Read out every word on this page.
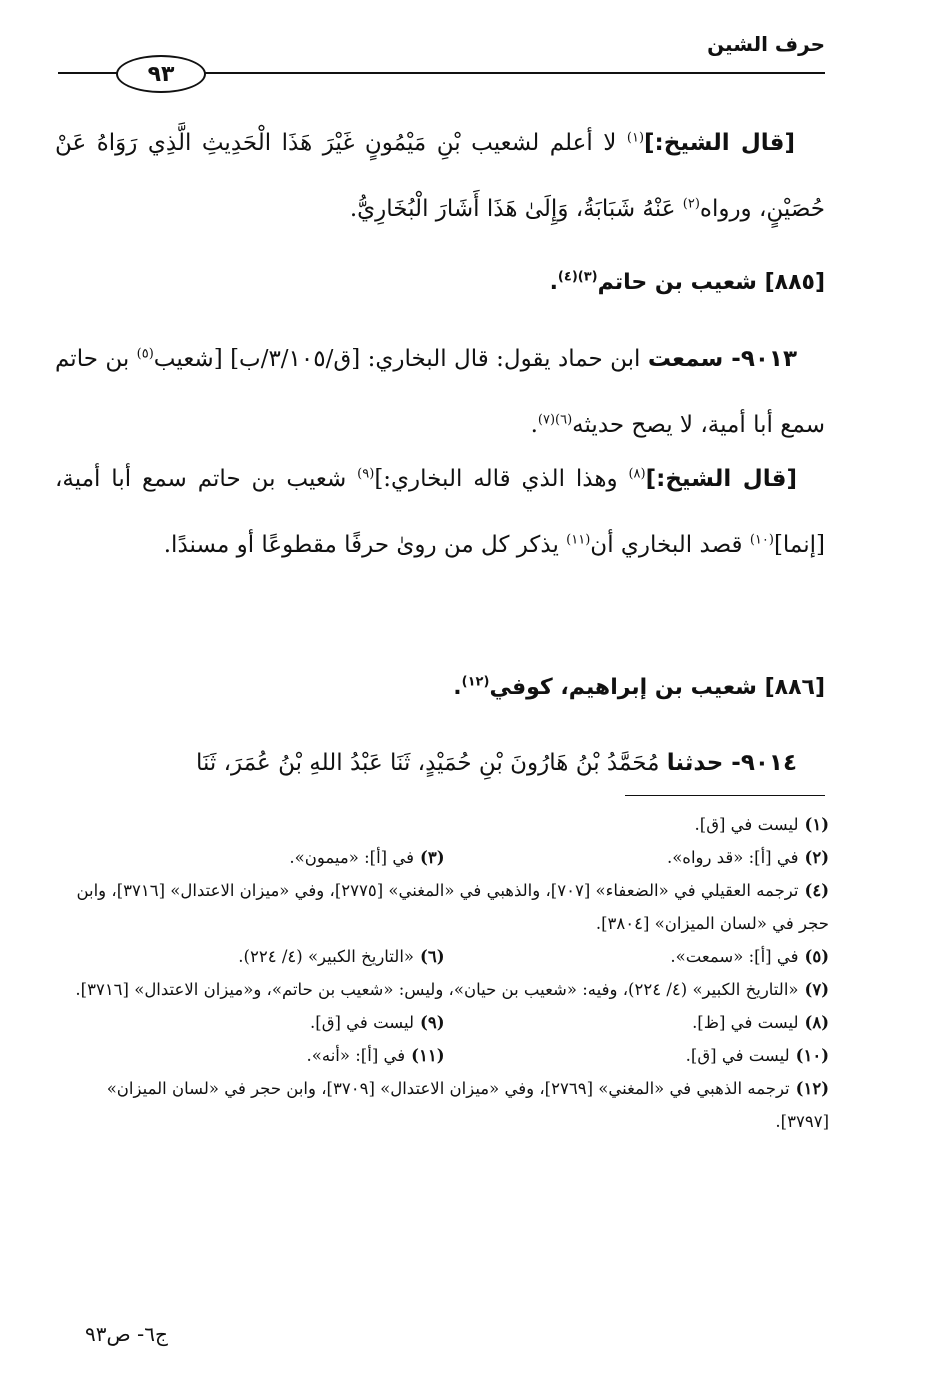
حرف الشين
٩٣
[قال الشيخ:]$^{(١)}$ لا أعلم لشعيب بْنِ مَيْمُونٍ غَيْرَ هَذَا الْحَدِيثِ الَّذِي رَوَاهُ عَنْ حُصَيْنٍ، ورواه$^{(٢)}$ عَنْهُ شَبَابَةُ، وَإِلَىٰ هَذَا أَشَارَ الْبُخَارِيُّ.
[٨٨٥] شعيب بن حاتم$^{(٣)(٤)}$.
٩٠١٣- سمعت ابن حماد يقول: قال البخاري: [ق/٣/١٠٥/ب] [شعيب$^{(٥)}$ بن حاتم سمع أبا أمية، لا يصح حديثه$^{(٦)(٧)}$.
[قال الشيخ:]$^{(٨)}$ وهذا الذي قاله البخاري:]$^{(٩)}$ شعيب بن حاتم سمع أبا أمية، [إنما]$^{(١٠)}$ قصد البخاري أن$^{(١١)}$ يذكر كل من روىٰ حرفًا مقطوعًا أو مسندًا.
[٨٨٦] شعيب بن إبراهيم، كوفي$^{(١٢)}$.
٩٠١٤- حدثنا مُحَمَّدُ بْنُ هَارُونَ بْنِ حُمَيْدٍ، ثَنَا عَبْدُ اللهِ بْنُ عُمَرَ، ثَنَا
(١)ليست في [ق].
(٢)في [أ]: «قد رواه».
(٣)في [أ]: «ميمون».
(٤)ترجمه العقيلي في «الضعفاء» [٧٠٧]، والذهبي في «المغني» [٢٧٧٥]، وفي «ميزان الاعتدال» [٣٧١٦]، وابن حجر في «لسان الميزان» [٣٨٠٤].
(٥)في [أ]: «سمعت».
(٦)«التاريخ الكبير» (٤/ ٢٢٤).
(٧)«التاريخ الكبير» (٤/ ٢٢٤)، وفيه: «شعيب بن حيان»، وليس: «شعيب بن حاتم»، و«ميزان الاعتدال» [٣٧١٦].
(٨)ليست في [ظ].
(٩)ليست في [ق].
(١٠)ليست في [ق].
(١١)في [أ]: «أنه».
(١٢)ترجمه الذهبي في «المغني» [٢٧٦٩]، وفي «ميزان الاعتدال» [٣٧٠٩]، وابن حجر في «لسان الميزان» [٣٧٩٧].
ج٦- ص٩٣
